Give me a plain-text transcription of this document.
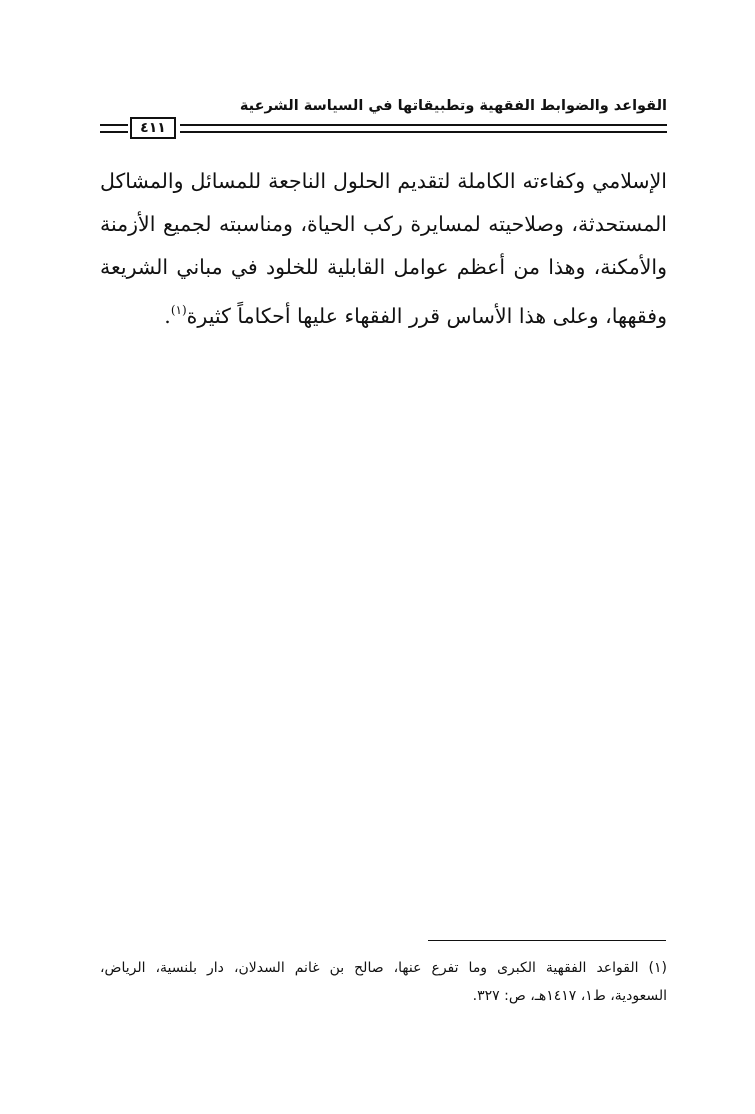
القواعد والضوابط الفقهية وتطبيقاتها في السياسة الشرعية
٤١١
الإسلامي وكفاءته الكاملة لتقديم الحلول الناجعة للمسائل والمشاكل
المستحدثة، وصلاحيته لمسايرة ركب الحياة، ومناسبته لجميع الأزمنة
والأمكنة، وهذا من أعظم عوامل القابلية للخلود في مباني الشريعة
وفقهها، وعلى هذا الأساس قرر الفقهاء عليها أحكاماً كثيرة$^{(١)}$.
(١) القواعد الفقهية الكبرى وما تفرع عنها، صالح بن غانم السدلان، دار بلنسية، الرياض،
السعودية، ط١، ١٤١٧هـ، ص: ٣٢٧.
